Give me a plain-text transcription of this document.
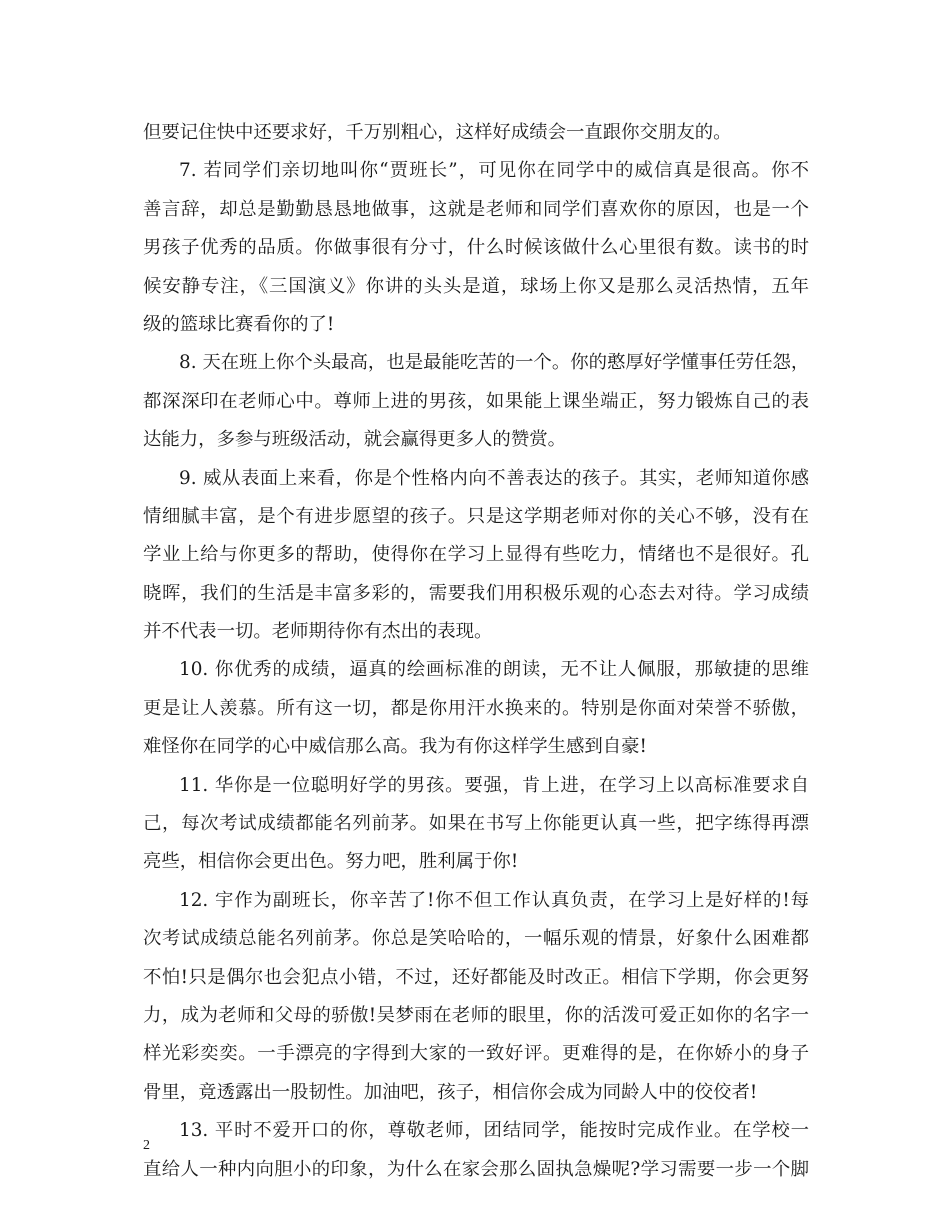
但要记住快中还要求好，千万别粗心，这样好成绩会一直跟你交朋友的。
7. 若同学们亲切地叫你“贾班长”，可见你在同学中的威信真是很高。你不
善言辞，却总是勤勤恳恳地做事，这就是老师和同学们喜欢你的原因，也是一个
男孩子优秀的品质。你做事很有分寸，什么时候该做什么心里很有数。读书的时
候安静专注，《三国演义》你讲的头头是道，球场上你又是那么灵活热情，五年
级的篮球比赛看你的了!
8. 天在班上你个头最高，也是最能吃苦的一个。你的憨厚好学懂事任劳任怨，
都深深印在老师心中。尊师上进的男孩，如果能上课坐端正，努力锻炼自己的表
达能力，多参与班级活动，就会赢得更多人的赞赏。
9. 威从表面上来看，你是个性格内向不善表达的孩子。其实，老师知道你感
情细腻丰富，是个有进步愿望的孩子。只是这学期老师对你的关心不够，没有在
学业上给与你更多的帮助，使得你在学习上显得有些吃力，情绪也不是很好。孔
晓晖，我们的生活是丰富多彩的，需要我们用积极乐观的心态去对待。学习成绩
并不代表一切。老师期待你有杰出的表现。
10. 你优秀的成绩，逼真的绘画标准的朗读，无不让人佩服，那敏捷的思维
更是让人羡慕。所有这一切，都是你用汗水换来的。特别是你面对荣誉不骄傲，
难怪你在同学的心中威信那么高。我为有你这样学生感到自豪!
11. 华你是一位聪明好学的男孩。要强，肯上进，在学习上以高标准要求自
己，每次考试成绩都能名列前茅。如果在书写上你能更认真一些，把字练得再漂
亮些，相信你会更出色。努力吧，胜利属于你!
12. 宇作为副班长，你辛苦了!你不但工作认真负责，在学习上是好样的!每
次考试成绩总能名列前茅。你总是笑哈哈的，一幅乐观的情景，好象什么困难都
不怕!只是偶尔也会犯点小错，不过，还好都能及时改正。相信下学期，你会更努
力，成为老师和父母的骄傲!吴梦雨在老师的眼里，你的活泼可爱正如你的名字一
样光彩奕奕。一手漂亮的字得到大家的一致好评。更难得的是，在你娇小的身子
骨里，竟透露出一股韧性。加油吧，孩子，相信你会成为同龄人中的佼佼者!
13. 平时不爱开口的你，尊敬老师，团结同学，能按时完成作业。在学校一
直给人一种内向胆小的印象，为什么在家会那么固执急燥呢?学习需要一步一个脚
2
